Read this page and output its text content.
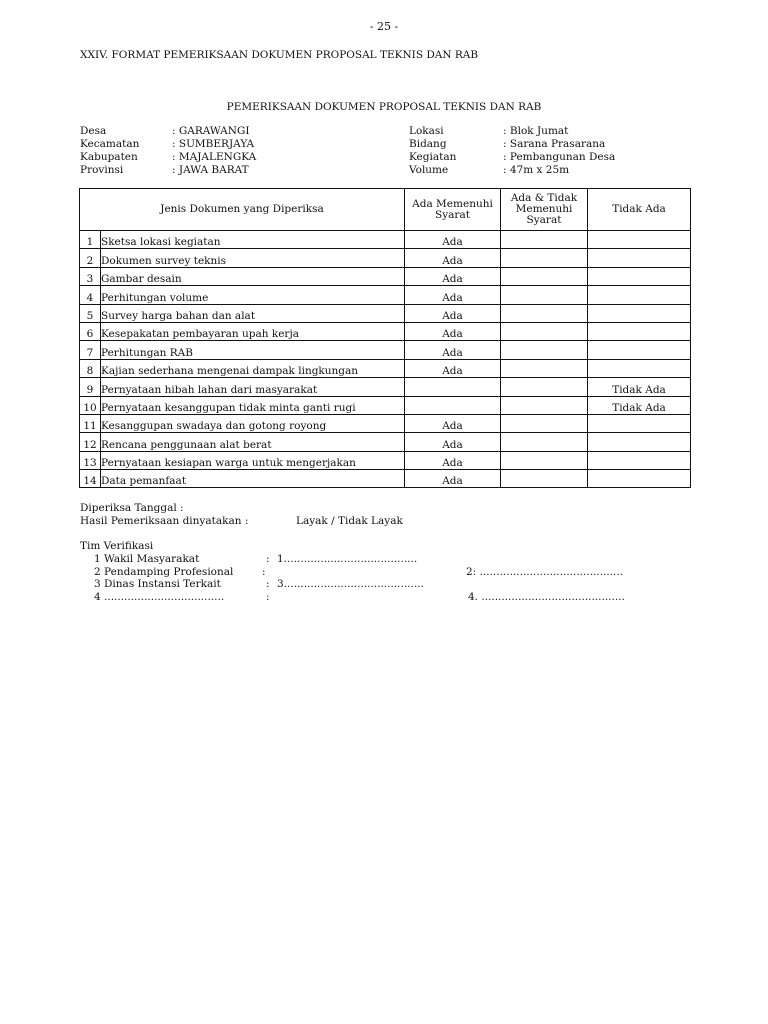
- 25 -
XXIV. FORMAT PEMERIKSAAN DOKUMEN PROPOSAL TEKNIS DAN RAB
PEMERIKSAAN DOKUMEN PROPOSAL TEKNIS DAN RAB
Desa	: GARAWANGI	Lokasi	: Blok Jumat
Kecamatan	: SUMBERJAYA	Bidang	: Sarana Prasarana
Kabupaten	: MAJALENGKA	Kegiatan	: Pembangunan Desa
Provinsi	: JAWA BARAT	Volume	: 47m x 25m
Jenis Dokumen yang Diperiksa		Ada Memenuhi Syarat	Ada & Tidak Memenuhi Syarat	Tidak Ada
1	Sketsa lokasi kegiatan	Ada		
2	Dokumen survey teknis	Ada		
3	Gambar desain	Ada		
4	Perhitungan volume	Ada		
5	Survey harga bahan dan alat	Ada		
6	Kesepakatan pembayaran upah kerja	Ada		
7	Perhitungan RAB	Ada		
8	Kajian sederhana mengenai dampak lingkungan	Ada		
9	Pernyataan hibah lahan dari masyarakat			Tidak Ada
10	Pernyataan kesanggupan tidak minta ganti rugi			Tidak Ada
11	Kesanggupan swadaya dan gotong royong	Ada		
12	Rencana penggunaan alat berat	Ada		
13	Pernyataan kesiapan warga untuk mengerjakan	Ada		
14	Data pemanfaat	Ada		
Diperiksa Tanggal :
Hasil Pemeriksaan dinyatakan :	Layak / Tidak Layak
Tim Verifikasi
1 Wakil Masyarakat	: 1........................................
2 Pendamping Profesional	:	2: ...........................................
3 Dinas Instansi Terkait	: 3..........................................
4 ....................................	:	4. ...........................................
